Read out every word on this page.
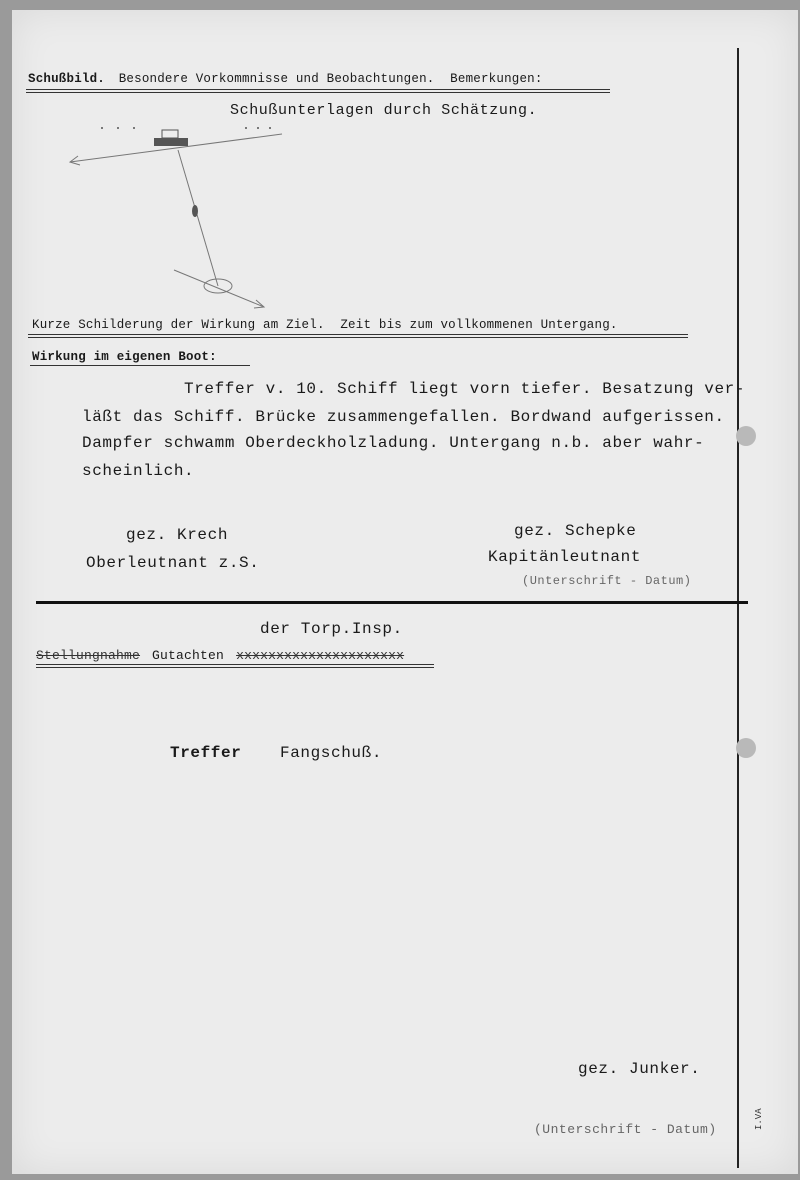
Schußbild. Besondere Vorkommnisse und Beobachtungen. Bemerkungen:
Schußunterlagen durch Schätzung.
Kurze Schilderung der Wirkung am Ziel. Zeit bis zum vollkommenen Untergang.
Wirkung im eigenen Boot:
Treffer v. 10. Schiff liegt vorn tiefer. Besatzung ver-
läßt das Schiff. Brücke zusammengefallen. Bordwand aufgerissen.
Dampfer schwamm Oberdeckholzladung. Untergang n.b. aber wahr-
scheinlich.
gez. Krech
Oberleutnant z.S.
gez. Schepke
Kapitänleutnant
(Unterschrift - Datum)
der Torp.Insp.
Stellungnahme Gutachten xxxxxxxxxxxxxxxxxxxxx
Treffer Fangschuß.
gez. Junker.
(Unterschrift - Datum)	I.VA
